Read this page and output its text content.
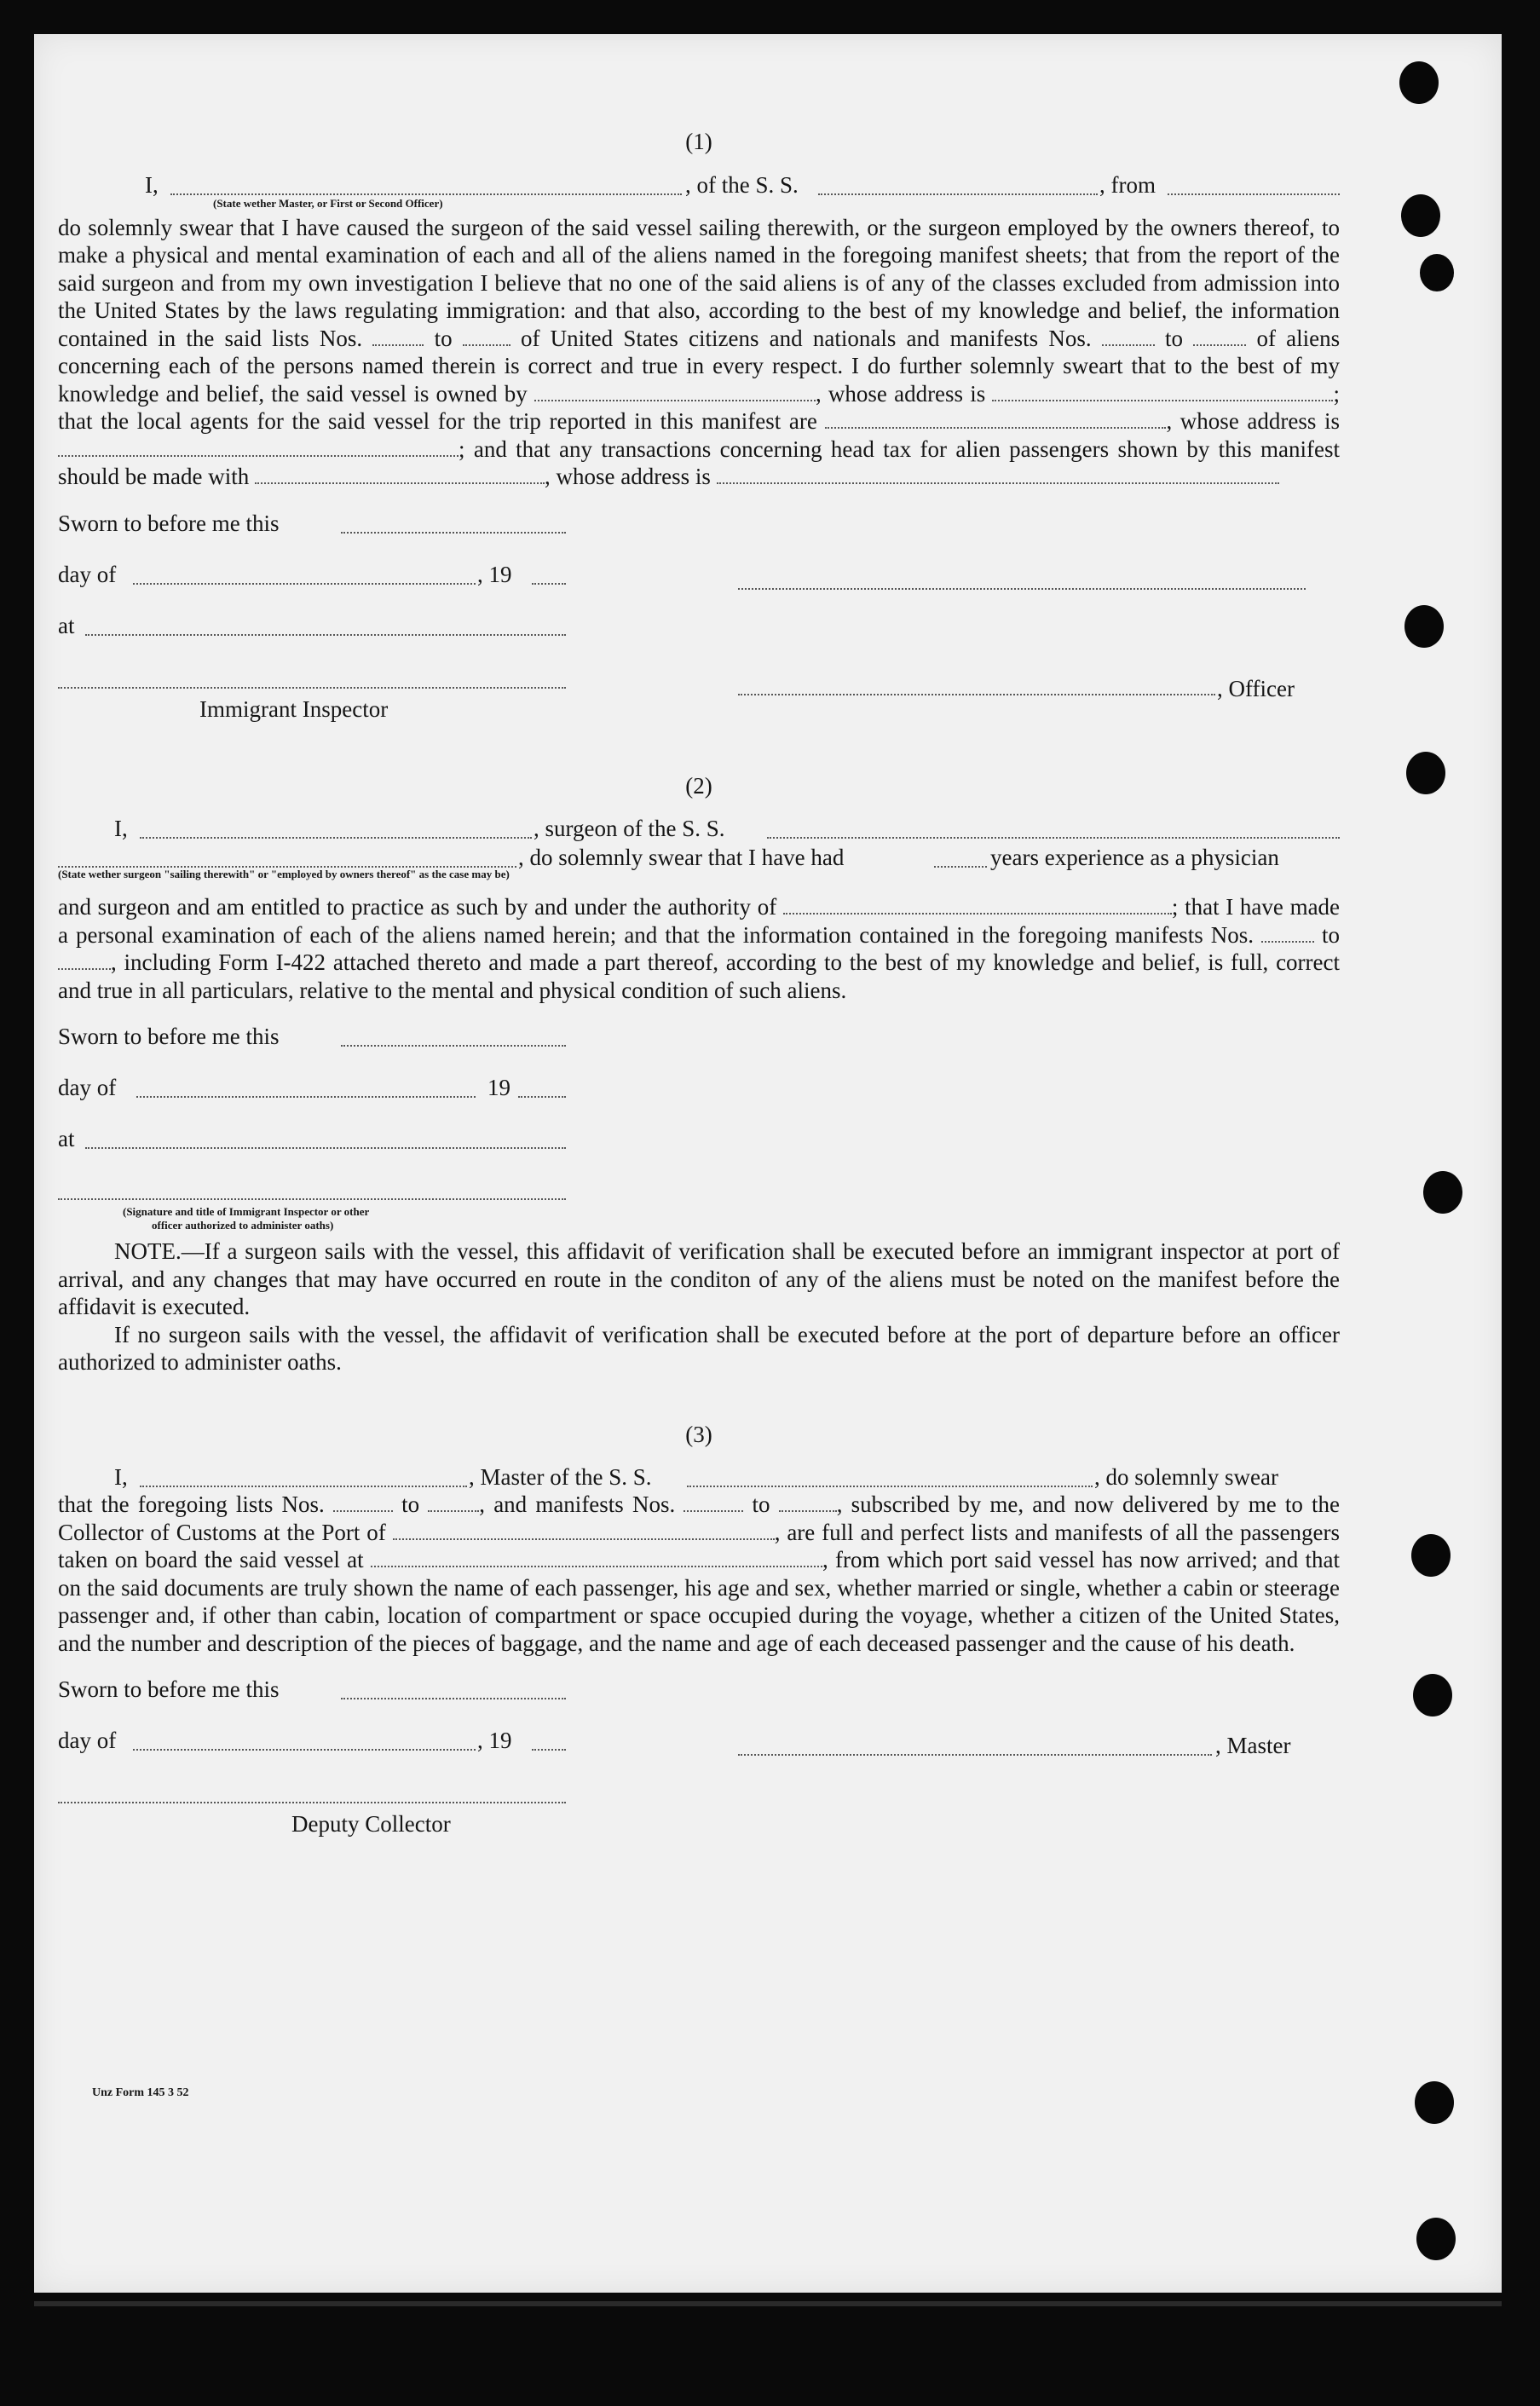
(1)
I,	, of the S. S.	, from
(State wether Master, or First or Second Officer)

do solemnly swear that I have caused the surgeon of the said vessel sailing therewith, or the surgeon employed by the owners thereof, to make a physical and mental examination of each and all of the aliens named in the foregoing manifest sheets; that from the report of the said surgeon and from my own investigation I believe that no one of the said aliens is of any of the classes excluded from admission into the United States by the laws regulating immigration: and that also, according to the best of my knowledge and belief, the information contained in the said lists Nos.	to	of United States citizens and nationals and manifests Nos.	to	of aliens concerning each of the persons named therein is correct and true in every respect. I do further solemnly sweart that to the best of my knowledge and belief, the said vessel is owned by	, whose address is	; that the local agents for the said vessel for the trip reported in this manifest are	, whose address is ; and that any transactions concerning head tax for alien passengers shown by this manifest should be made with	, whose address is

Sworn to before me this
day of	, 19
at
Immigrant Inspector
, Officer
(2)
I,	, surgeon of the S. S.
, do solemnly swear that I have had	years experience as a physician
(State wether surgeon "sailing therewith" or "employed by owners thereof" as the case may be)

and surgeon and am entitled to practice as such by and under the authority of	; that I have made a personal examination of each of the aliens named herein; and that the information contained in the foregoing manifests Nos.	to , including Form I-422 attached thereto and made a part thereof, according to the best of my knowledge and belief, is full, correct and true in all particulars, relative to the mental and physical condition of such aliens.

Sworn to before me this
day of	19
at
(Signature and title of Immigrant Inspector or other
officer authorized to administer oaths)

NOTE.—If a surgeon sails with the vessel, this affidavit of verification shall be executed before an immigrant inspector at port of arrival, and any changes that may have occurred en route in the conditon of any of the aliens must be noted on the manifest before the affidavit is executed.

If no surgeon sails with the vessel, the affidavit of verification shall be executed before at the port of departure before an officer authorized to administer oaths.

(3)
I,	, Master of the S. S.	, do solemnly swear

that the foregoing lists Nos.	to	, and manifests Nos.	to	, subscribed by me, and now delivered by me to the Collector of Customs at the Port of	, are full and perfect lists and manifests of all the passengers taken on board the said vessel at	, from which port said vessel has now arrived; and that on the said documents are truly shown the name of each passenger, his age and sex, whether married or single, whether a cabin or steerage passenger and, if other than cabin, location of compartment or space occupied during the voyage, whether a citizen of the United States, and the number and description of the pieces of baggage, and the name and age of each deceased passenger and the cause of his death.

Sworn to before me this
day of	, 19	, Master
Deputy Collector
Unz Form 145 3 52
